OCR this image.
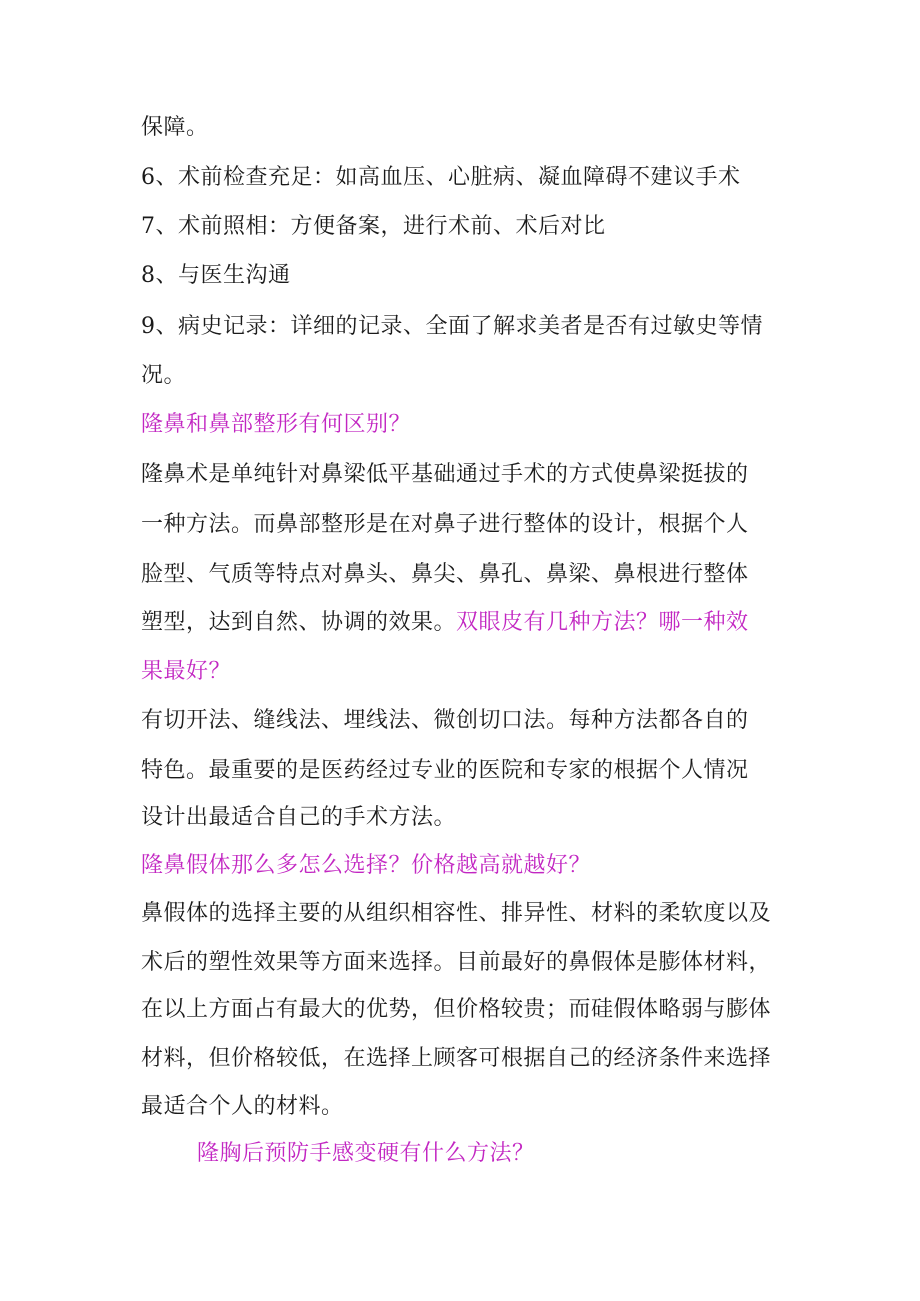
保障。
6、术前检查充足：如高血压、心脏病、凝血障碍不建议手术
7、术前照相：方便备案，进行术前、术后对比
8、与医生沟通
9、病史记录：详细的记录、全面了解求美者是否有过敏史等情
况。
隆鼻和鼻部整形有何区别？
隆鼻术是单纯针对鼻梁低平基础通过手术的方式使鼻梁挺拔的
一种方法。而鼻部整形是在对鼻子进行整体的设计，根据个人
脸型、气质等特点对鼻头、鼻尖、鼻孔、鼻梁、鼻根进行整体
塑型，达到自然、协调的效果。双眼皮有几种方法？哪一种效
果最好？
有切开法、缝线法、埋线法、微创切口法。每种方法都各自的
特色。最重要的是医药经过专业的医院和专家的根据个人情况
设计出最适合自己的手术方法。
隆鼻假体那么多怎么选择？价格越高就越好？
鼻假体的选择主要的从组织相容性、排异性、材料的柔软度以及
术后的塑性效果等方面来选择。目前最好的鼻假体是膨体材料，
在以上方面占有最大的优势，但价格较贵；而硅假体略弱与膨体
材料，但价格较低，在选择上顾客可根据自己的经济条件来选择
最适合个人的材料。
隆胸后预防手感变硬有什么方法？
